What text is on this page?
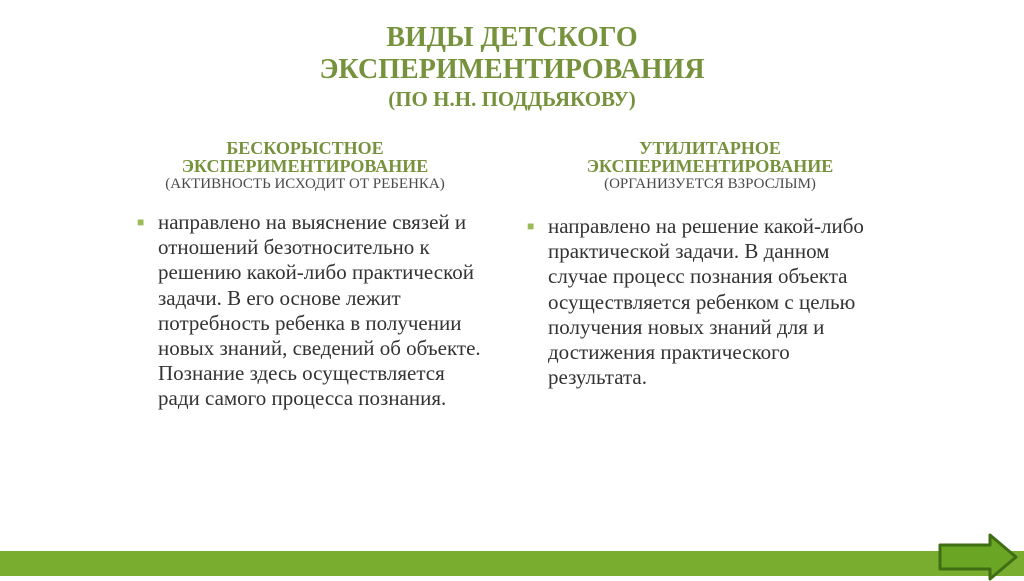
ВИДЫ ДЕТСКОГО
ЭКСПЕРИМЕНТИРОВАНИЯ
(ПО Н.Н. ПОДДЬЯКОВУ)
БЕСКОРЫСТНОЕ
ЭКСПЕРИМЕНТИРОВАНИЕ
(АКТИВНОСТЬ ИСХОДИТ ОТ РЕБЕНКА)
УТИЛИТАРНОЕ
ЭКСПЕРИМЕНТИРОВАНИЕ
(ОРГАНИЗУЕТСЯ ВЗРОСЛЫМ)
■ направлено на выяснение связей и отношений безотносительно к решению какой-либо практической задачи. В его основе лежит потребность ребенка в получении новых знаний, сведений об объекте. Познание здесь осуществляется ради самого процесса познания.
■ направлено на решение какой-либо практической задачи. В данном случае процесс познания объекта осуществляется ребенком с целью получения новых знаний для и достижения практического результата.
